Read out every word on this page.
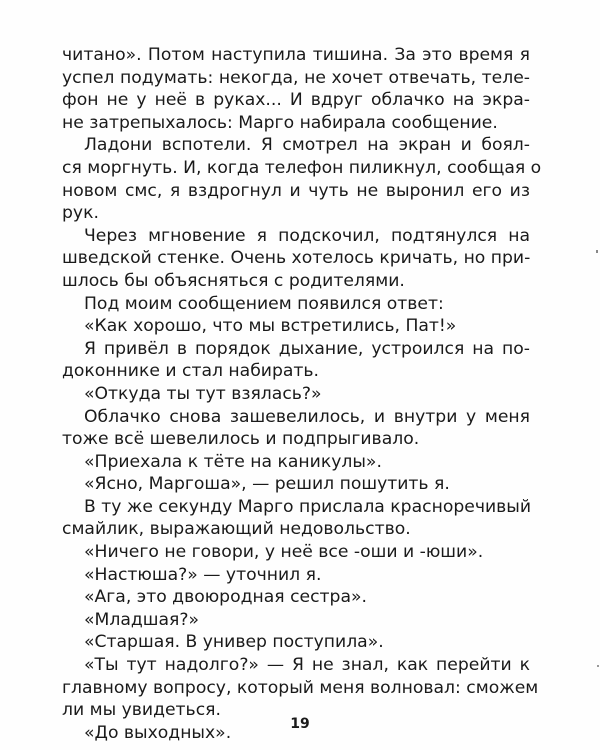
читано». Потом наступила тишина. За это время я
успел подумать: некогда, не хочет отвечать, теле-
фон не у неё в руках... И вдруг облачко на экра-
не затрепыхалось: Марго набирала сообщение.
Ладони вспотели. Я смотрел на экран и боял-
ся моргнуть. И, когда телефон пиликнул, сообщая о
новом смс, я вздрогнул и чуть не выронил его из
рук.
Через мгновение я подскочил, подтянулся на
шведской стенке. Очень хотелось кричать, но при-
шлось бы объясняться с родителями.
Под моим сообщением появился ответ:
«Как хорошо, что мы встретились, Пат!»
Я привёл в порядок дыхание, устроился на по-
доконнике и стал набирать.
«Откуда ты тут взялась?»
Облачко снова зашевелилось, и внутри у меня
тоже всё шевелилось и подпрыгивало.
«Приехала к тёте на каникулы».
«Ясно, Маргоша», — решил пошутить я.
В ту же секунду Марго прислала красноречивый
смайлик, выражающий недовольство.
«Ничего не говори, у неё все -оши и -юши».
«Настюша?» — уточнил я.
«Ага, это двоюродная сестра».
«Младшая?»
«Старшая. В универ поступила».
«Ты тут надолго?» — Я не знал, как перейти к
главному вопросу, который меня волновал: сможем
ли мы увидеться.
«До выходных».	19
